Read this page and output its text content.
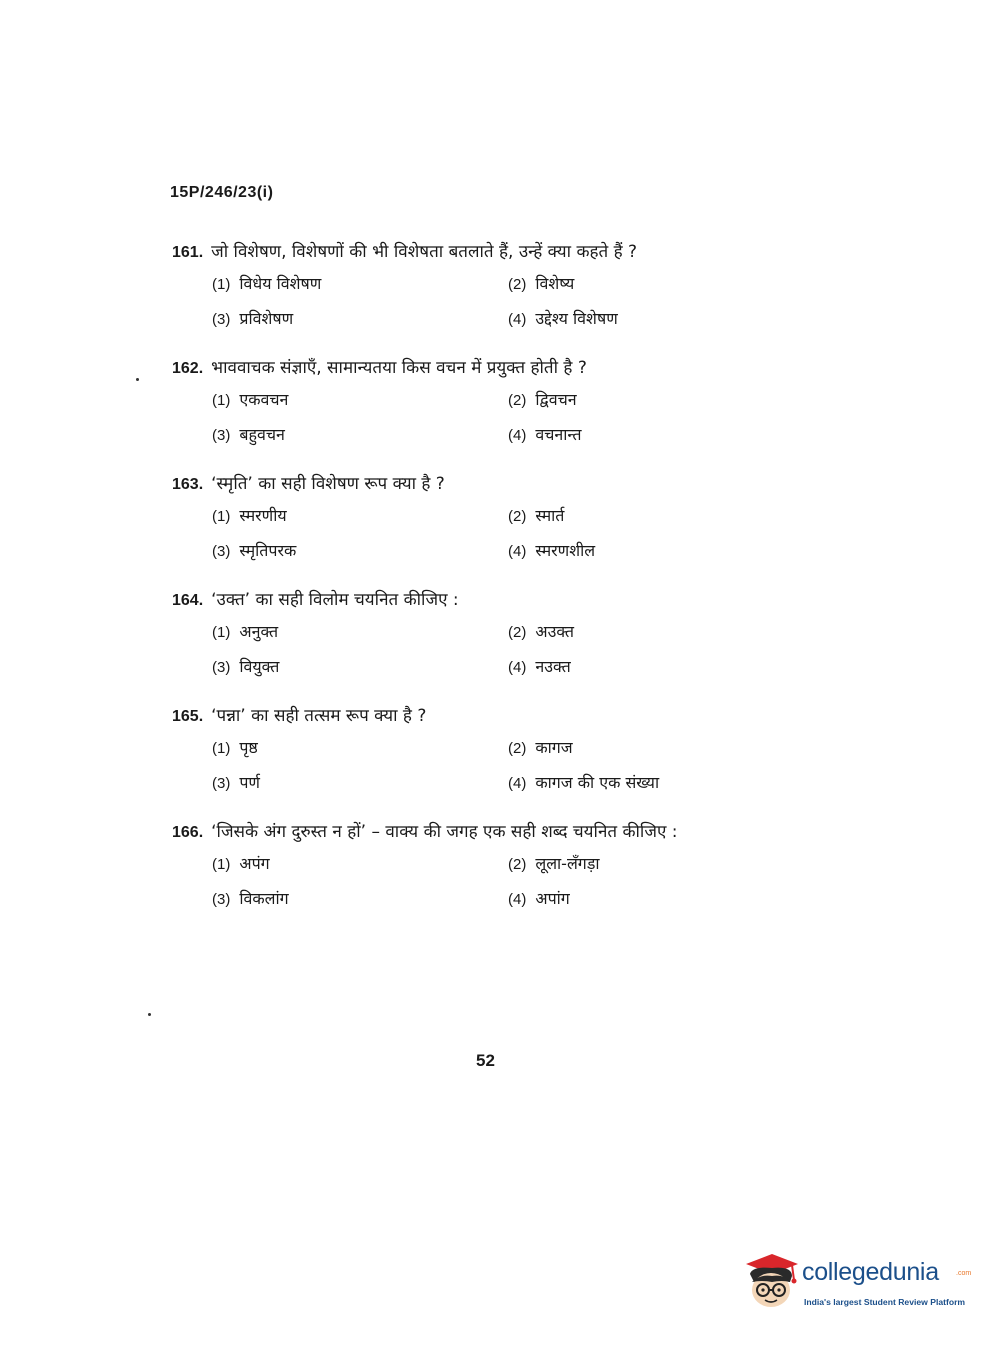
15P/246/23(i)
161. जो विशेषण, विशेषणों की भी विशेषता बतलाते हैं, उन्हें क्या कहते हैं ?
(1) विधेय विशेषण	(2) विशेष्य
(3) प्रविशेषण	(4) उद्देश्य विशेषण
162. भाववाचक संज्ञाएँ, सामान्यतया किस वचन में प्रयुक्त होती है ?
(1) एकवचन	(2) द्विवचन
(3) बहुवचन	(4) वचनान्त
163. ‘स्मृति’ का सही विशेषण रूप क्या है ?
(1) स्मरणीय	(2) स्मार्त
(3) स्मृतिपरक	(4) स्मरणशील
164. ‘उक्त’ का सही विलोम चयनित कीजिए :
(1) अनुक्त	(2) अउक्त
(3) वियुक्त	(4) नउक्त
165. ‘पन्ना’ का सही तत्सम रूप क्या है ?
(1) पृष्ठ	(2) कागज
(3) पर्ण	(4) कागज की एक संख्या
166. ‘जिसके अंग दुरुस्त न हों’ – वाक्य की जगह एक सही शब्द चयनित कीजिए :
(1) अपंग	(2) लूला-लँगड़ा
(3) विकलांग	(4) अपांग
52
collegedunia .com
India's largest Student Review Platform
